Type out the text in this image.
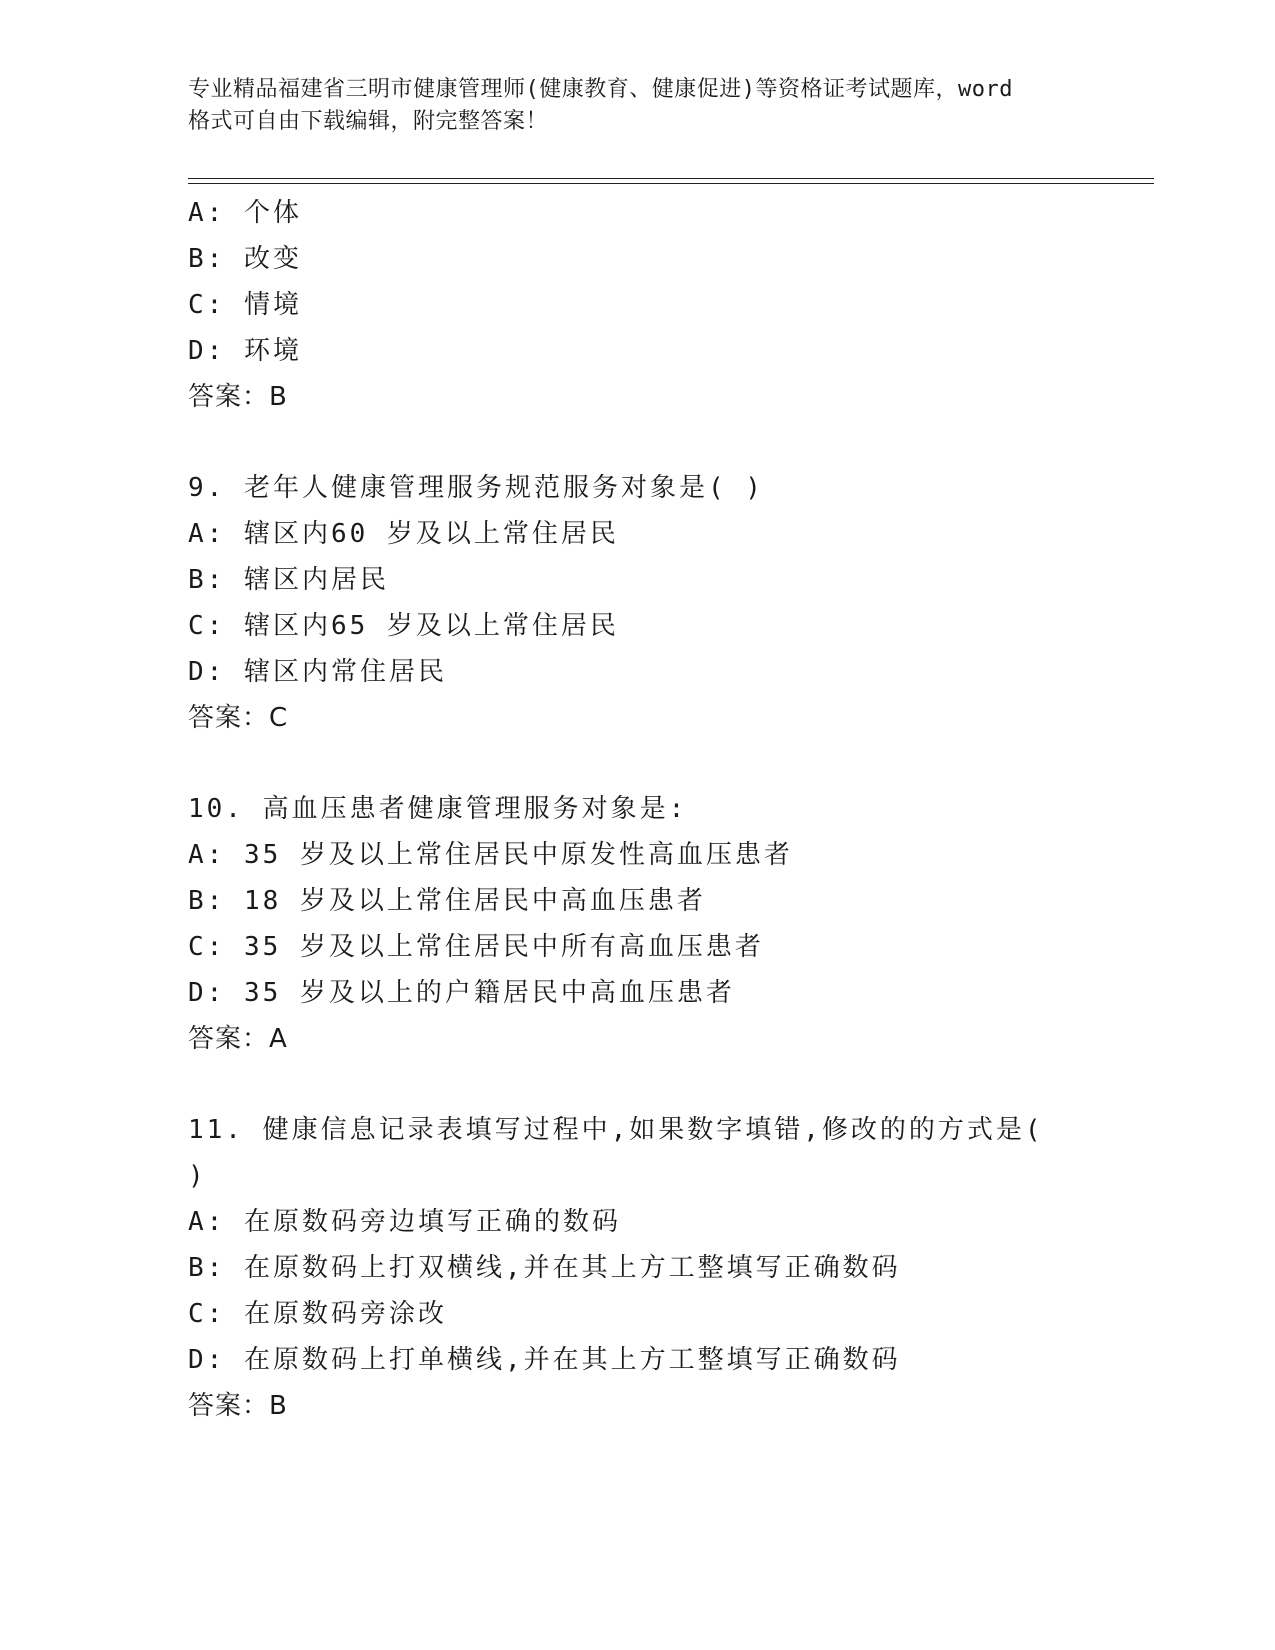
专业精品福建省三明市健康管理师(健康教育、健康促进)等资格证考试题库，word
格式可自由下载编辑，附完整答案！
A: 个体
B: 改变
C: 情境
D: 环境
答案：B
9. 老年人健康管理服务规范服务对象是( )
A: 辖区内60 岁及以上常住居民
B: 辖区内居民
C: 辖区内65 岁及以上常住居民
D: 辖区内常住居民
答案：C
10. 高血压患者健康管理服务对象是:
A: 35 岁及以上常住居民中原发性高血压患者
B: 18 岁及以上常住居民中高血压患者
C: 35 岁及以上常住居民中所有高血压患者
D: 35 岁及以上的户籍居民中高血压患者
答案：A
11. 健康信息记录表填写过程中,如果数字填错,修改的的方式是(
)
A: 在原数码旁边填写正确的数码
B: 在原数码上打双横线,并在其上方工整填写正确数码
C: 在原数码旁涂改
D: 在原数码上打单横线,并在其上方工整填写正确数码
答案：B
